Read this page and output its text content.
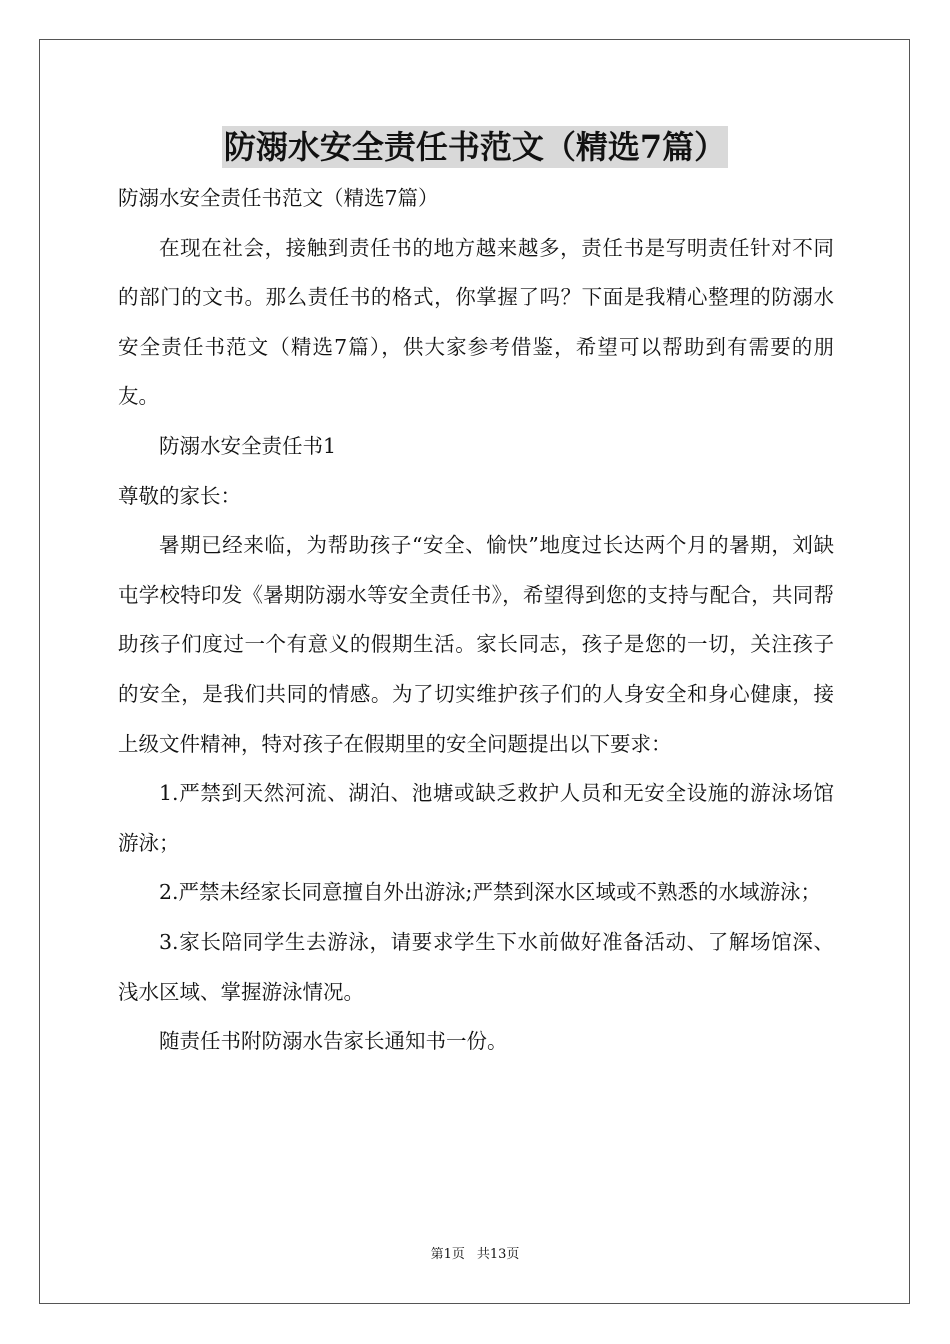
防溺水安全责任书范文（精选7篇）

防溺水安全责任书范文（精选7篇）

在现在社会，接触到责任书的地方越来越多，责任书是写明责任针对不同的部门的文书。那么责任书的格式，你掌握了吗？下面是我精心整理的防溺水安全责任书范文（精选7篇），供大家参考借鉴，希望可以帮助到有需要的朋友。

防溺水安全责任书1

尊敬的家长：

暑期已经来临，为帮助孩子“安全、愉快”地度过长达两个月的暑期，刘缺屯学校特印发《暑期防溺水等安全责任书》，希望得到您的支持与配合，共同帮助孩子们度过一个有意义的假期生活。家长同志，孩子是您的一切，关注孩子的安全，是我们共同的情感。为了切实维护孩子们的人身安全和身心健康，接上级文件精神，特对孩子在假期里的安全问题提出以下要求：

1.严禁到天然河流、湖泊、池塘或缺乏救护人员和无安全设施的游泳场馆游泳；

2.严禁未经家长同意擅自外出游泳;严禁到深水区域或不熟悉的水域游泳；

3.家长陪同学生去游泳，请要求学生下水前做好准备活动、了解场馆深、浅水区域、掌握游泳情况。

随责任书附防溺水告家长通知书一份。

第1页 共13页
